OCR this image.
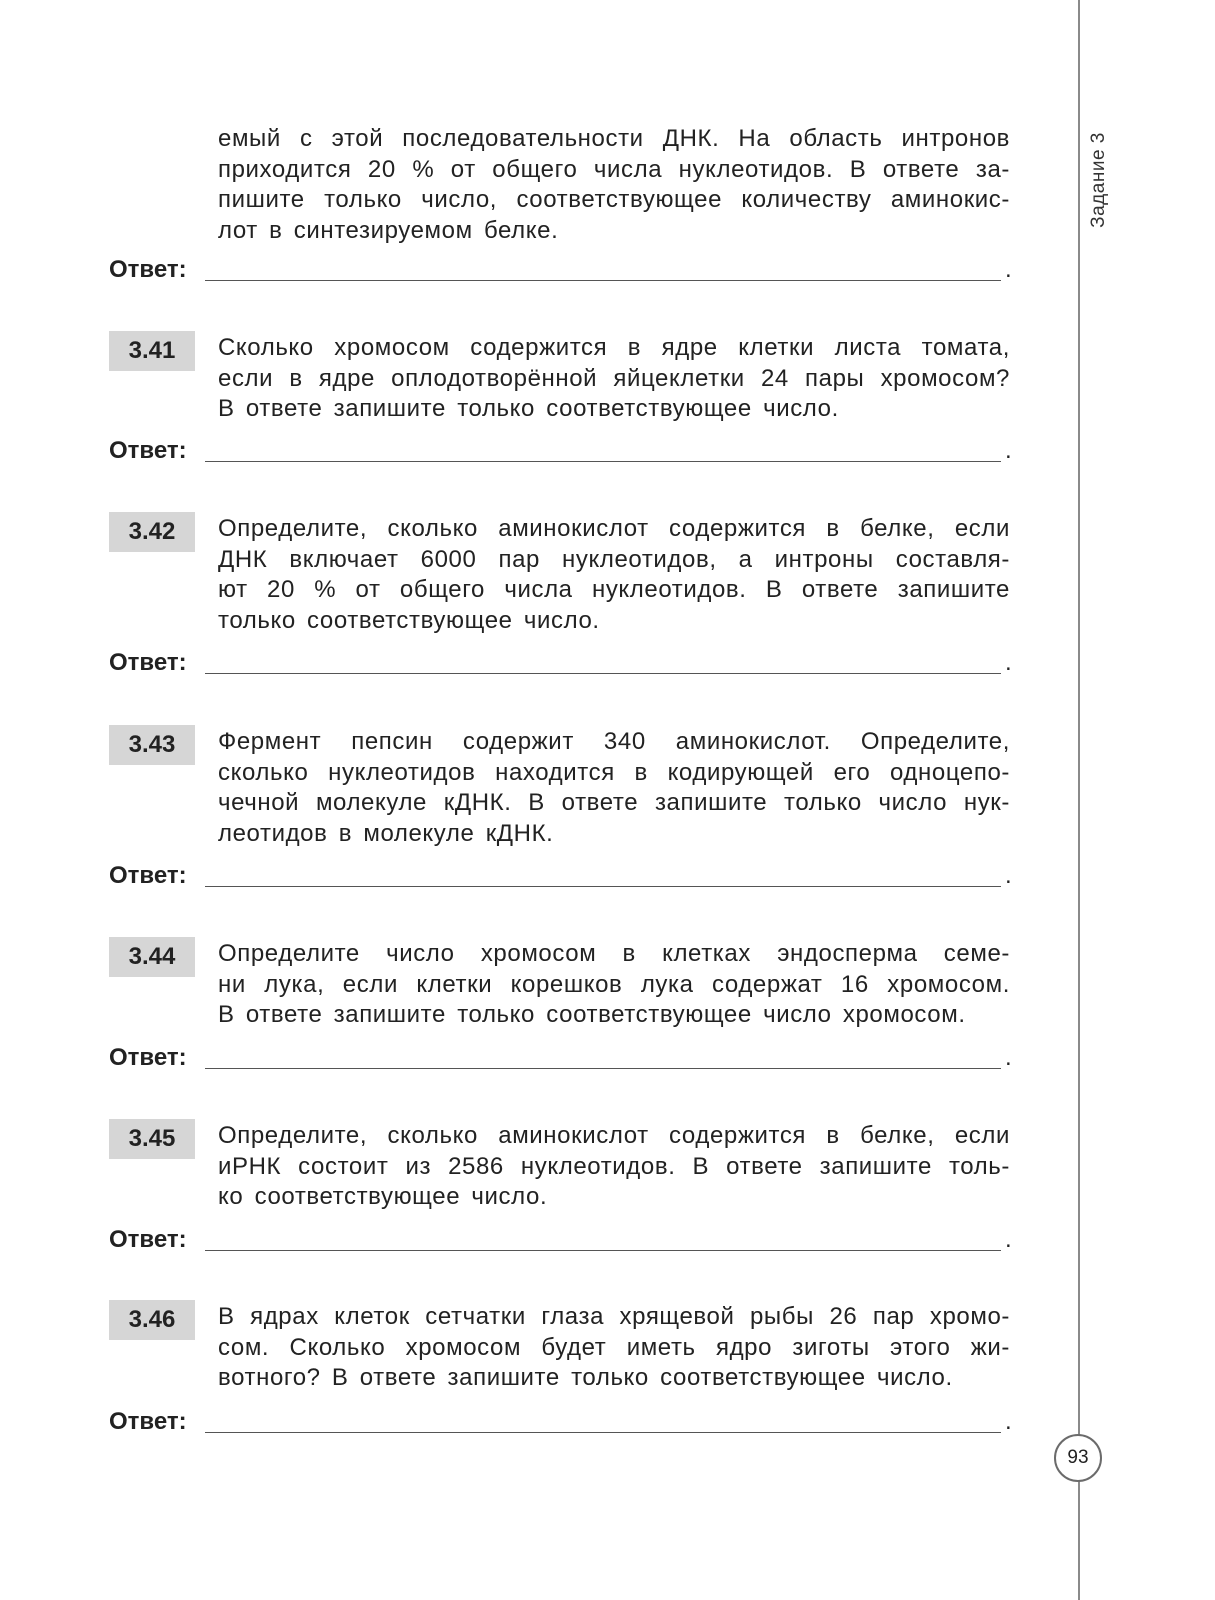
Задание 3
93
емый с этой последовательности ДНК. На область интронов
приходится 20 % от общего числа нуклеотидов. В ответе за-
пишите только число, соответствующее количеству аминокис-
лот в синтезируемом белке.
Ответ:	.
3.41	Сколько хромосом содержится в ядре клетки листа томата,
если в ядре оплодотворённой яйцеклетки 24 пары хромосом?
В ответе запишите только соответствующее число.
Ответ:	.
3.42	Определите, сколько аминокислот содержится в белке, если
ДНК включает 6000 пар нуклеотидов, а интроны составля-
ют 20 % от общего числа нуклеотидов. В ответе запишите
только соответствующее число.
Ответ:	.
3.43	Фермент пепсин содержит 340 аминокислот. Определите,
сколько нуклеотидов находится в кодирующей его одноцепо-
чечной молекуле кДНК. В ответе запишите только число нук-
леотидов в молекуле кДНК.
Ответ:	.
3.44	Определите число хромосом в клетках эндосперма семе-
ни лука, если клетки корешков лука содержат 16 хромосом.
В ответе запишите только соответствующее число хромосом.
Ответ:	.
3.45	Определите, сколько аминокислот содержится в белке, если
иРНК состоит из 2586 нуклеотидов. В ответе запишите толь-
ко соответствующее число.
Ответ:	.
3.46	В ядрах клеток сетчатки глаза хрящевой рыбы 26 пар хромо-
сом. Сколько хромосом будет иметь ядро зиготы этого жи-
вотного? В ответе запишите только соответствующее число.
Ответ:	.
